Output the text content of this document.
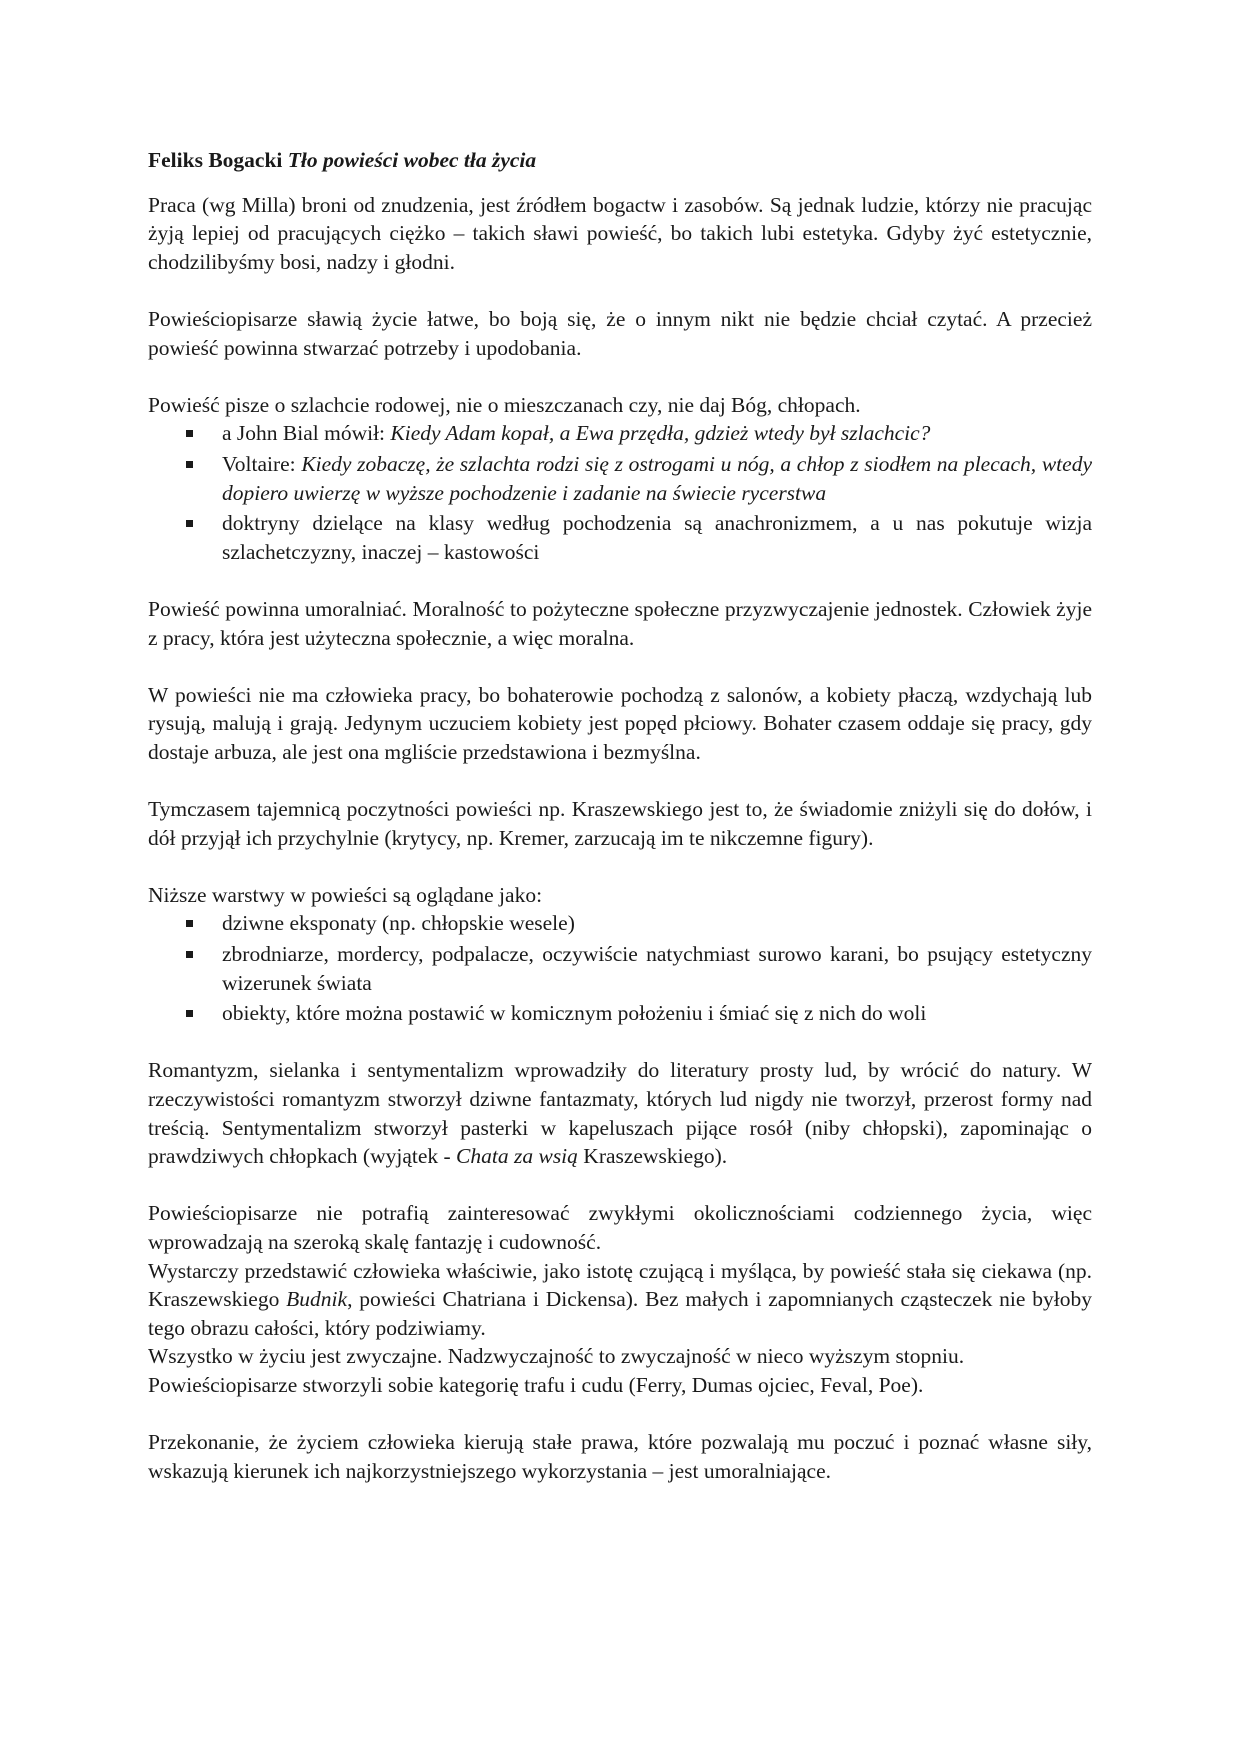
Feliks Bogacki Tło powieści wobec tła życia

Praca (wg Milla) broni od znudzenia, jest źródłem bogactw i zasobów. Są jednak ludzie, którzy nie pracując żyją lepiej od pracujących ciężko – takich sławi powieść, bo takich lubi estetyka. Gdyby żyć estetycznie, chodzilibyśmy bosi, nadzy i głodni.

Powieściopisarze sławią życie łatwe, bo boją się, że o innym nikt nie będzie chciał czytać. A przecież powieść powinna stwarzać potrzeby i upodobania.

Powieść pisze o szlachcie rodowej, nie o mieszczanach czy, nie daj Bóg, chłopach.

a John Bial mówił: Kiedy Adam kopał, a Ewa przędła, gdzież wtedy był szlachcic?
Voltaire: Kiedy zobaczę, że szlachta rodzi się z ostrogami u nóg, a chłop z siodłem na plecach, wtedy dopiero uwierzę w wyższe pochodzenie i zadanie na świecie rycerstwa
doktryny dzielące na klasy według pochodzenia są anachronizmem, a u nas pokutuje wizja szlachetczyzny, inaczej – kastowości

Powieść powinna umoralniać. Moralność to pożyteczne społeczne przyzwyczajenie jednostek. Człowiek żyje z pracy, która jest użyteczna społecznie, a więc moralna.

W powieści nie ma człowieka pracy, bo bohaterowie pochodzą z salonów, a kobiety płaczą, wzdychają lub rysują, malują i grają. Jedynym uczuciem kobiety jest popęd płciowy. Bohater czasem oddaje się pracy, gdy dostaje arbuza, ale jest ona mgliście przedstawiona i bezmyślna.

Tymczasem tajemnicą poczytności powieści np. Kraszewskiego jest to, że świadomie zniżyli się do dołów, i dół przyjął ich przychylnie (krytycy, np. Kremer, zarzucają im te nikczemne figury).

Niższe warstwy w powieści są oglądane jako:

dziwne eksponaty (np. chłopskie wesele)
zbrodniarze, mordercy, podpalacze, oczywiście natychmiast surowo karani, bo psujący estetyczny wizerunek świata
obiekty, które można postawić w komicznym położeniu i śmiać się z nich do woli

Romantyzm, sielanka i sentymentalizm wprowadziły do literatury prosty lud, by wrócić do natury. W rzeczywistości romantyzm stworzył dziwne fantazmaty, których lud nigdy nie tworzył, przerost formy nad treścią. Sentymentalizm stworzył pasterki w kapeluszach pijące rosół (niby chłopski), zapominając o prawdziwych chłopkach (wyjątek - Chata za wsią Kraszewskiego).

Powieściopisarze nie potrafią zainteresować zwykłymi okolicznościami codziennego życia, więc wprowadzają na szeroką skalę fantazję i cudowność.

Wystarczy przedstawić człowieka właściwie, jako istotę czującą i myśląca, by powieść stała się ciekawa (np. Kraszewskiego Budnik, powieści Chatriana i Dickensa). Bez małych i zapomnianych cząsteczek nie byłoby tego obrazu całości, który podziwiamy.

Wszystko w życiu jest zwyczajne. Nadzwyczajność to zwyczajność w nieco wyższym stopniu.

Powieściopisarze stworzyli sobie kategorię trafu i cudu (Ferry, Dumas ojciec, Feval, Poe).

Przekonanie, że życiem człowieka kierują stałe prawa, które pozwalają mu poczuć i poznać własne siły, wskazują kierunek ich najkorzystniejszego wykorzystania – jest umoralniające.
